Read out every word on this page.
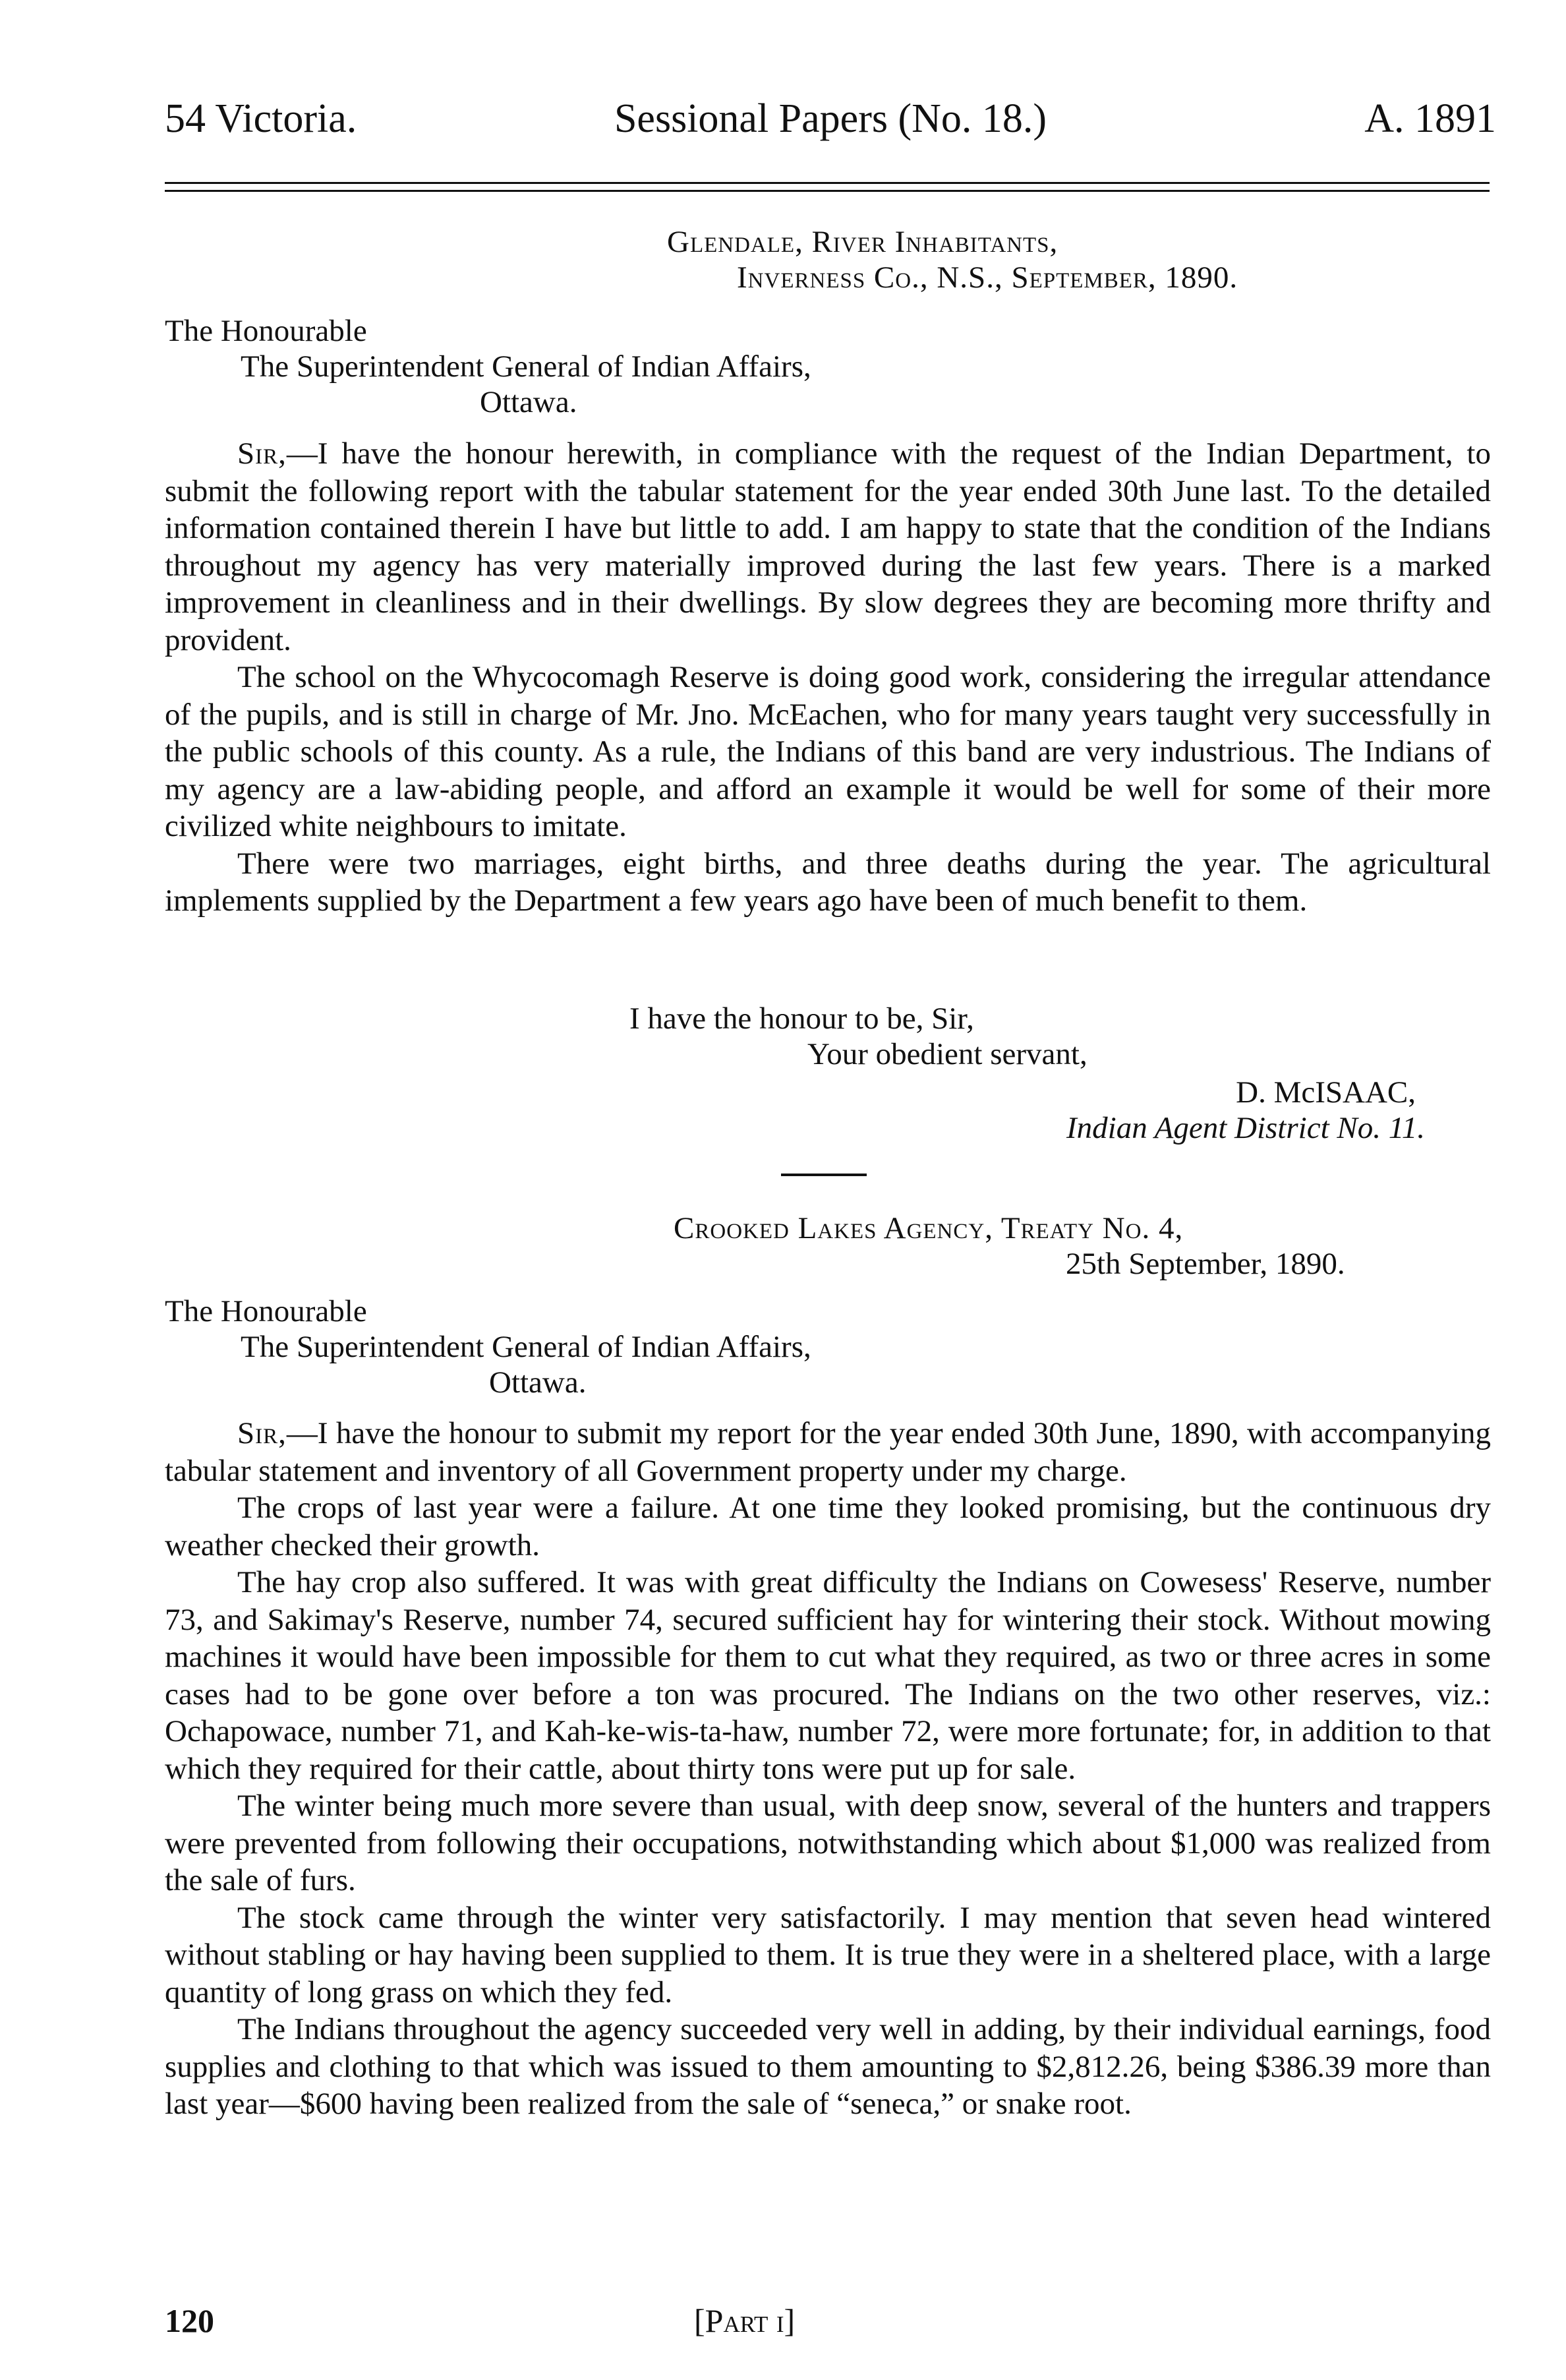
54 Victoria.	Sessional Papers (No. 18.)	A. 1891
Glendale, River Inhabitants,
Inverness Co., N.S., September, 1890.
The Honourable
The Superintendent General of Indian Affairs,
Ottawa.

Sir,—I have the honour herewith, in compliance with the request of the Indian Department, to submit the following report with the tabular statement for the year ended 30th June last. To the detailed information contained therein I have but little to add. I am happy to state that the condition of the Indians throughout my agency has very materially improved during the last few years. There is a marked improvement in cleanliness and in their dwellings. By slow degrees they are becoming more thrifty and provident.

The school on the Whycocomagh Reserve is doing good work, considering the irregular attendance of the pupils, and is still in charge of Mr. Jno. McEachen, who for many years taught very successfully in the public schools of this county. As a rule, the Indians of this band are very industrious. The Indians of my agency are a law-abiding people, and afford an example it would be well for some of their more civilized white neighbours to imitate.

There were two marriages, eight births, and three deaths during the year. The agricultural implements supplied by the Department a few years ago have been of much benefit to them.

I have the honour to be, Sir,
Your obedient servant,
D. McISAAC,
Indian Agent District No. 11.
Crooked Lakes Agency, Treaty No. 4,
25th September, 1890.
The Honourable
The Superintendent General of Indian Affairs,
Ottawa.

Sir,—I have the honour to submit my report for the year ended 30th June, 1890, with accompanying tabular statement and inventory of all Government property under my charge.

The crops of last year were a failure. At one time they looked promising, but the continuous dry weather checked their growth.

The hay crop also suffered. It was with great difficulty the Indians on Cowesess' Reserve, number 73, and Sakimay's Reserve, number 74, secured sufficient hay for wintering their stock. Without mowing machines it would have been impossible for them to cut what they required, as two or three acres in some cases had to be gone over before a ton was procured. The Indians on the two other reserves, viz.: Ochapowace, number 71, and Kah-ke-wis-ta-haw, number 72, were more fortunate; for, in addition to that which they required for their cattle, about thirty tons were put up for sale.

The winter being much more severe than usual, with deep snow, several of the hunters and trappers were prevented from following their occupations, notwithstanding which about $1,000 was realized from the sale of furs.

The stock came through the winter very satisfactorily. I may mention that seven head wintered without stabling or hay having been supplied to them. It is true they were in a sheltered place, with a large quantity of long grass on which they fed.

The Indians throughout the agency succeeded very well in adding, by their individual earnings, food supplies and clothing to that which was issued to them amounting to $2,812.26, being $386.39 more than last year—$600 having been realized from the sale of “seneca,” or snake root.

120	[Part i]
